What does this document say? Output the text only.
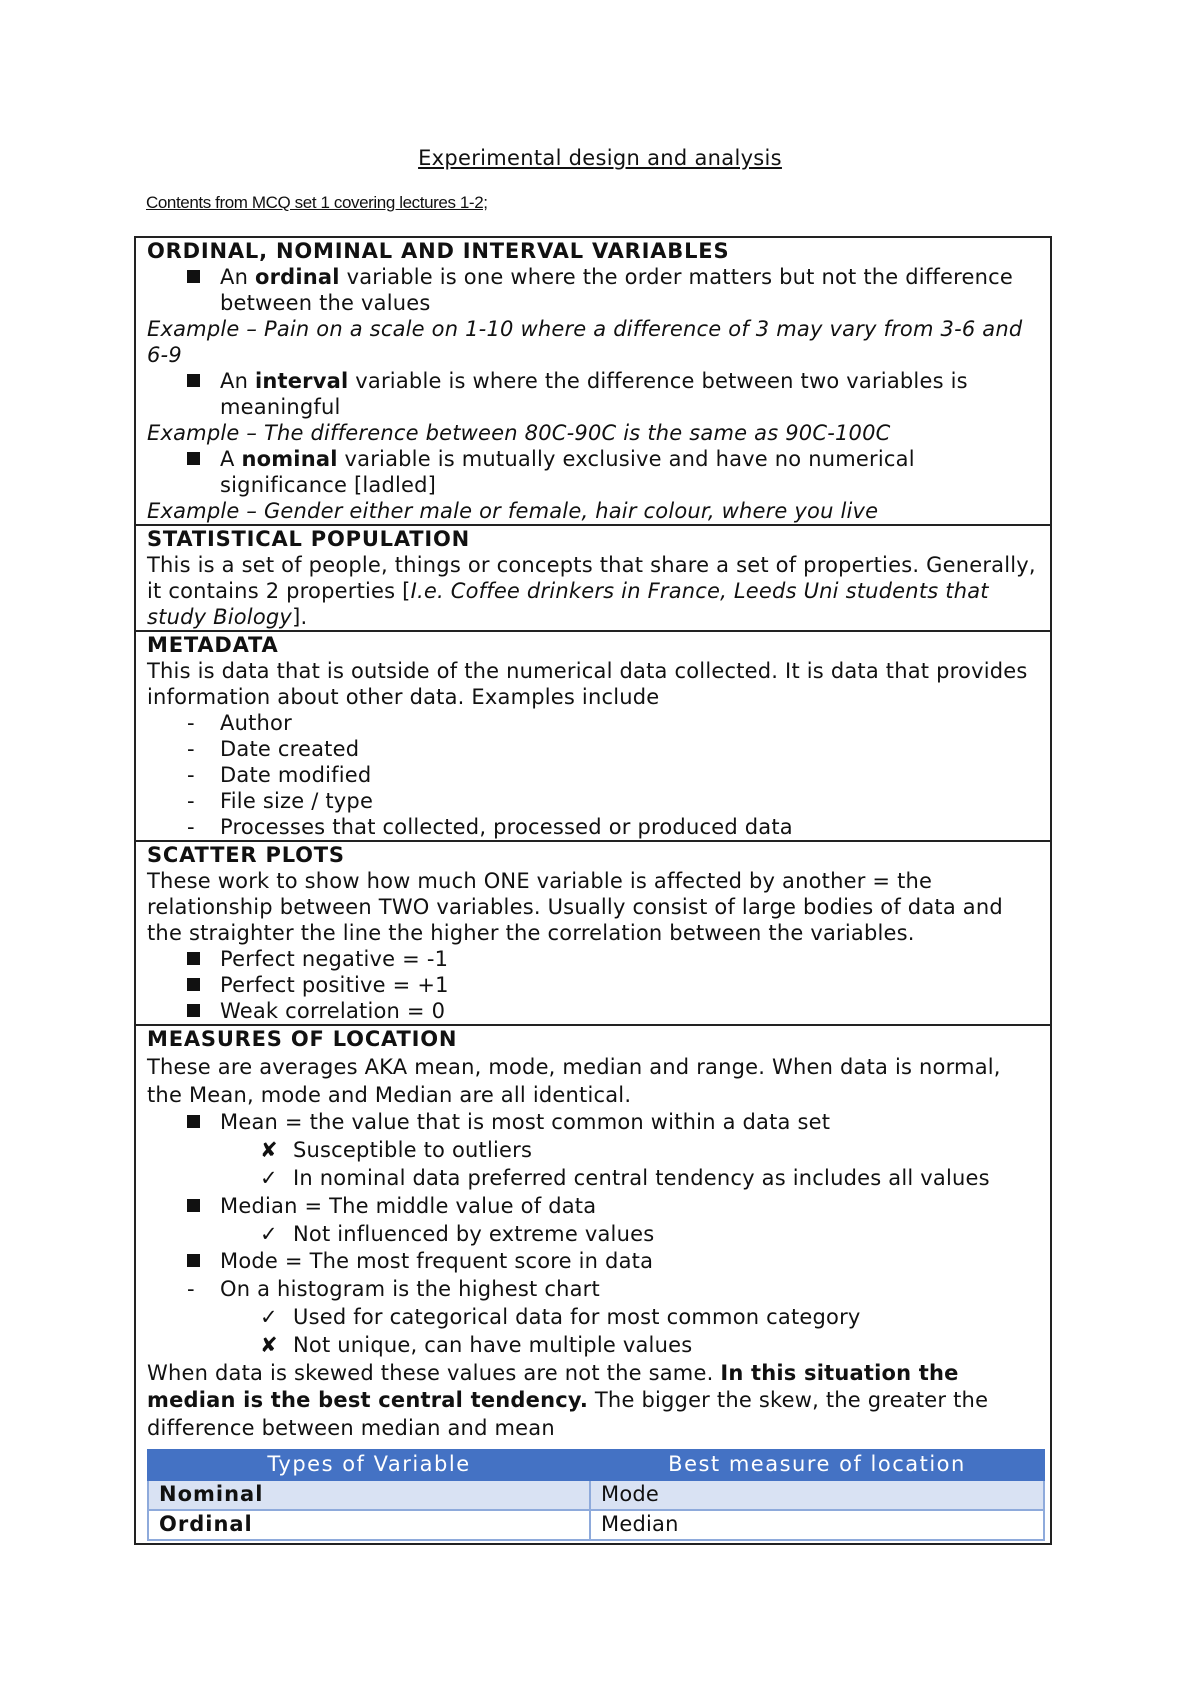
Experimental design and analysis
Contents from MCQ set 1 covering lectures 1-2;
ORDINAL, NOMINAL AND INTERVAL VARIABLES
An ordinal variable is one where the order matters but not the difference between the values
Example – Pain on a scale on 1-10 where a difference of 3 may vary from 3-6 and 6-9
An interval variable is where the difference between two variables is meaningful
Example – The difference between 80C-90C is the same as 90C-100C
A nominal variable is mutually exclusive and have no numerical significance [ladled]
Example – Gender either male or female, hair colour, where you live
STATISTICAL POPULATION
This is a set of people, things or concepts that share a set of properties. Generally, it contains 2 properties [I.e. Coffee drinkers in France, Leeds Uni students that study Biology].
METADATA
This is data that is outside of the numerical data collected. It is data that provides information about other data. Examples include
- Author
- Date created
- Date modified
- File size / type
- Processes that collected, processed or produced data
SCATTER PLOTS
These work to show how much ONE variable is affected by another = the relationship between TWO variables. Usually consist of large bodies of data and the straighter the line the higher the correlation between the variables.
Perfect negative = -1
Perfect positive = +1
Weak correlation = 0
MEASURES OF LOCATION
These are averages AKA mean, mode, median and range. When data is normal, the Mean, mode and Median are all identical.
Mean = the value that is most common within a data set
✘ Susceptible to outliers
✓ In nominal data preferred central tendency as includes all values
Median = The middle value of data
✓ Not influenced by extreme values
Mode = The most frequent score in data
- On a histogram is the highest chart
✓ Used for categorical data for most common category
✘ Not unique, can have multiple values
When data is skewed these values are not the same. In this situation the median is the best central tendency. The bigger the skew, the greater the difference between median and mean
Types of Variable	Best measure of location
Nominal	Mode
Ordinal	Median
